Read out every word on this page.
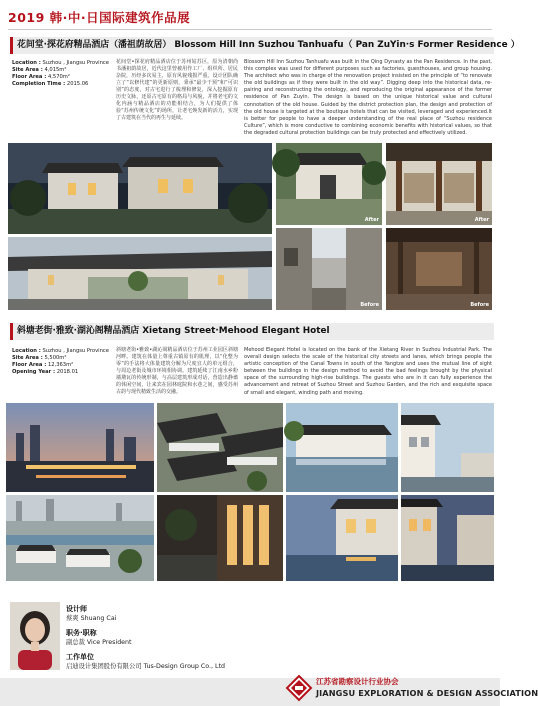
2019 韩·中·日国际建筑作品展
花间堂·探花府精品酒店（潘祖荫故居） Blossom Hill Inn Suzhou Tanhuafu（ Pan ZuYin·s Former Residence ）
Location : Suzhou , Jiangsu Province
Site Area : 4,015m²
Floor Area : 4,570m²
Completion Time : 2015.06
花间堂•探花府精品酒店位于苏州姑苏区，原为清朝尚书潘祖荫故居，近代这里曾被用作工厂、组织所、居民杂院，历经多次易主，原有风貌残损严重。设计团队确立了“以修代建”的更新原则，秉承“最少干预”和“可识别”的态度，对古宅进行了梳理和修复，深入挖掘原有历史文脉，还原古宅原有的格局与风貌，并将老宅的文化内涵与精品酒店的功能相结合，为人们提供了体验“苏州传统文化”的场所，让老宅焕发新的活力，实现了古建筑在当代的再生与延续。
Blossom Hill Inn Suzhou Tanhuafu was built in the Qing Dynasty as the Pan Residence. In the past, this complex was used for different purposes such as factories, guesthouses, and group housing. The architect who was in charge of the renovation project insisted on the principle of “to renovate the old buildings as if they were built in the old way”. Digging deep into the historical data, re-pairing and reconstructing the ontology, and reproducing the original appearance of the former residence of Pan Zuyin. The design is based on the unique historical value and cultural connotation of the old house. Guided by the district protection plan, the design and protection of the old house is targeted at the boutique hotels that can be visited, leveraged and experienced.It is better for people to have a deeper understanding of the real place of “Suzhou residence Culture”, which is more conductive to combining economic benefits with historical values, so that the degraded cultural protection buildings can be truly protected and effectively utilized.
After	After
Before	Before
斜塘老街·雅致·湖沁阁精品酒店 Xietang Street·Mehood Elegant Hotel
Location : Suzhou , Jiangsu Province
Site Area : 5,500m²
Floor Area : 12,363m²
Opening Year : 2018.01
斜塘老街•雅致•湖沁阁精品酒店位于苏州工业园区斜塘河畔。建筑在体量上尊重古镇原有的肌理，以“化整为零”的手法将大体量建筑分解为尺度宜人的单元组合，与周边老街及城市环境相协调。建筑延续了江南水乡粉墙黛瓦的传统形制，与高层建筑形成对话，营造出静谧的休闲空间，让来宾在园林庭院和水巷之间，感受苏州古韵与现代精致生活的交融。
Mehood Elegant Hotel is located on the bank of the Xietang River in Suzhou Industrial Park. The overall design selects the scale of the historical city streets and lanes, which brings people the artistic conception of the Canal Towns in south of the Yangtze and uses the mutual line of sight between the buildings in the design method to avoid the bad feelings brought by the physical space of the surrounding high-rise buildings. The guests who are in it can fully experience the advancement and retreat of Suzhou Street and Suzhou Garden, and the rich and exquisite space of small and elegant, winding path and moving.
设计师
蔡爽 Shuang Cai
职务·职称
副总裁 Vice President
工作单位
启迪设计集团股份有限公司 Tus-Design Group Co., Ltd
江苏省勘察设计行业协会
JIANGSU EXPLORATION & DESIGN ASSOCIATION
